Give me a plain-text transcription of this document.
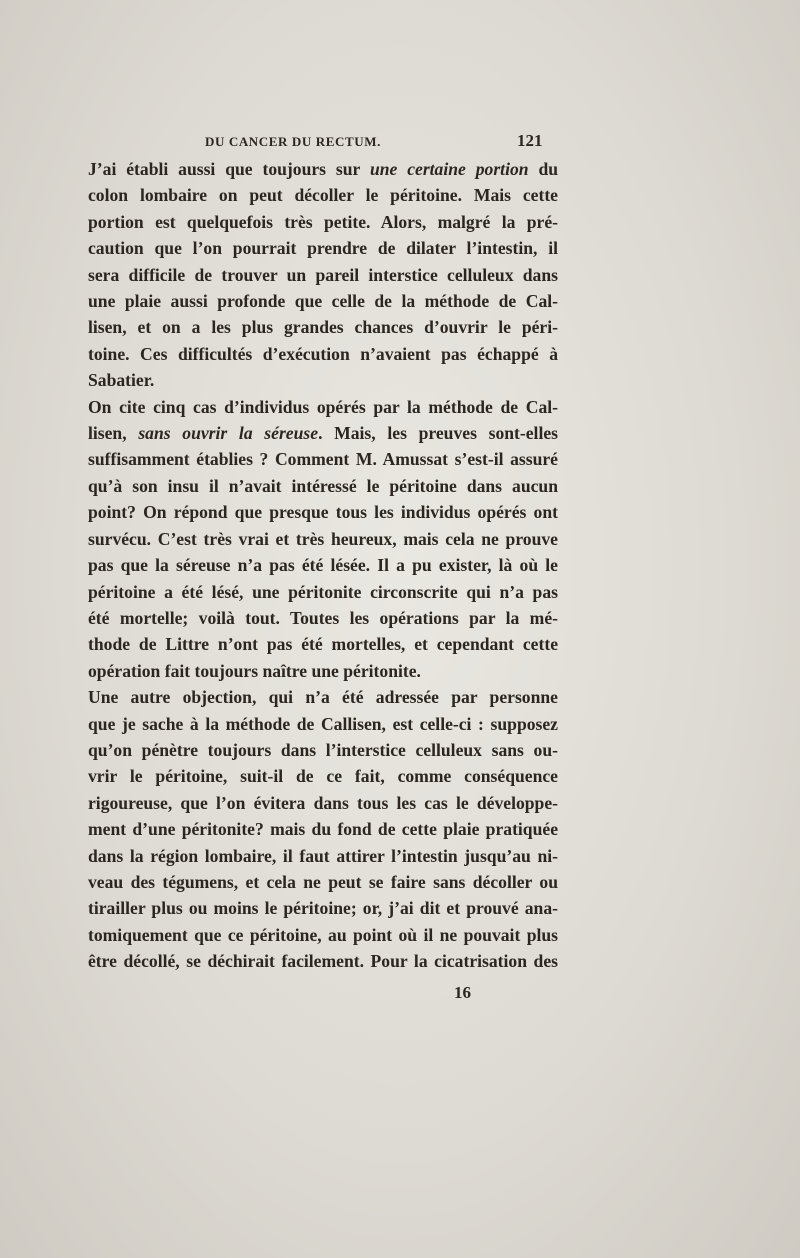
DU CANCER DU RECTUM.	121

J’ai établi aussi que toujours sur une certaine portion du

colon lombaire on peut décoller le péritoine. Mais cette

portion est quelquefois très petite. Alors, malgré la pré-

caution que l’on pourrait prendre de dilater l’intestin, il

sera difficile de trouver un pareil interstice celluleux dans

une plaie aussi profonde que celle de la méthode de Cal-

lisen, et on a les plus grandes chances d’ouvrir le péri-

toine. Ces difficultés d’exécution n’avaient pas échappé à

Sabatier.

On cite cinq cas d’individus opérés par la méthode de Cal-

lisen, sans ouvrir la séreuse. Mais, les preuves sont-elles

suffisamment établies ? Comment M. Amussat s’est-il assuré

qu’à son insu il n’avait intéressé le péritoine dans aucun

point? On répond que presque tous les individus opérés ont

survécu. C’est très vrai et très heureux, mais cela ne prouve

pas que la séreuse n’a pas été lésée. Il a pu exister, là où le

péritoine a été lésé, une péritonite circonscrite qui n’a pas

été mortelle; voilà tout. Toutes les opérations par la mé-

thode de Littre n’ont pas été mortelles, et cependant cette

opération fait toujours naître une péritonite.

Une autre objection, qui n’a été adressée par personne

que je sache à la méthode de Callisen, est celle-ci : supposez

qu’on pénètre toujours dans l’interstice celluleux sans ou-

vrir le péritoine, suit-il de ce fait, comme conséquence

rigoureuse, que l’on évitera dans tous les cas le développe-

ment d’une péritonite? mais du fond de cette plaie pratiquée

dans la région lombaire, il faut attirer l’intestin jusqu’au ni-

veau des tégumens, et cela ne peut se faire sans décoller ou

tirailler plus ou moins le péritoine; or, j’ai dit et prouvé ana-

tomiquement que ce péritoine, au point où il ne pouvait plus

être décollé, se déchirait facilement. Pour la cicatrisation des

16
